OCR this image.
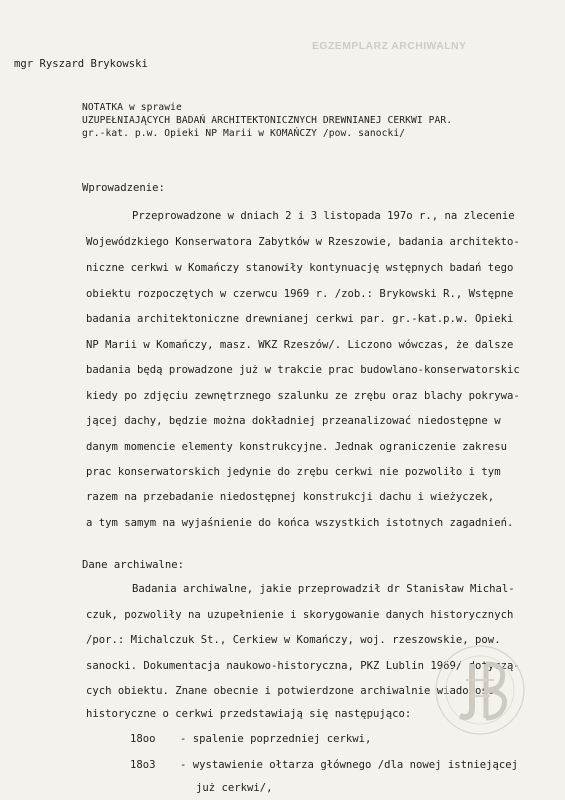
mgr Ryszard Brykowski
EGZEMPLARZ ARCHIWALNY
NOTATKA w sprawie
UZUPEŁNIAJĄCYCH BADAŃ ARCHITEKTONICZNYCH DREWNIANEJ CERKWI PAR.
gr.-kat. p.w. Opieki NP Marii w KOMAŃCZY /pow. sanocki/
Wprowadzenie:
Przeprowadzone w dniach 2 i 3 listopada 197o r., na zlecenie
Wojewódzkiego Konserwatora Zabytków w Rzeszowie, badania architekto-
niczne cerkwi w Komańczy stanowiły kontynuację wstępnych badań tego
obiektu rozpoczętych w czerwcu 1969 r. /zob.: Brykowski R., Wstępne
badania architektoniczne drewnianej cerkwi par. gr.-kat.p.w. Opieki
NP Marii w Komańczy, masz. WKZ Rzeszów/. Liczono wówczas, że dalsze
badania będą prowadzone już w trakcie prac budowlano-konserwatorskic
kiedy po zdjęciu zewnętrznego szalunku ze zrębu oraz blachy pokrywa-
jącej dachy, będzie można dokładniej przeanalizować niedostępne w
danym momencie elementy konstrukcyjne. Jednak ograniczenie zakresu
prac konserwatorskich jedynie do zrębu cerkwi nie pozwoliło i tym
razem na przebadanie niedostępnej konstrukcji dachu i wieżyczek,
a tym samym na wyjaśnienie do końca wszystkich istotnych zagadnień.
Dane archiwalne:
Badania archiwalne, jakie przeprowadził dr Stanisław Michal-
czuk, pozwoliły na uzupełnienie i skorygowanie danych historycznych
/por.: Michalczuk St., Cerkiew w Komańczy, woj. rzeszowskie, pow.
sanocki. Dokumentacja naukowo-historyczna, PKZ Lublin 1969/ dotyczą-
cych obiektu. Znane obecnie i potwierdzone archiwalnie wiadomości
historyczne o cerkwi przedstawiają się następująco:
18oo - spalenie poprzedniej cerkwi,
18o3 - wystawienie ołtarza głównego /dla nowej istniejącej
już cerkwi/,
